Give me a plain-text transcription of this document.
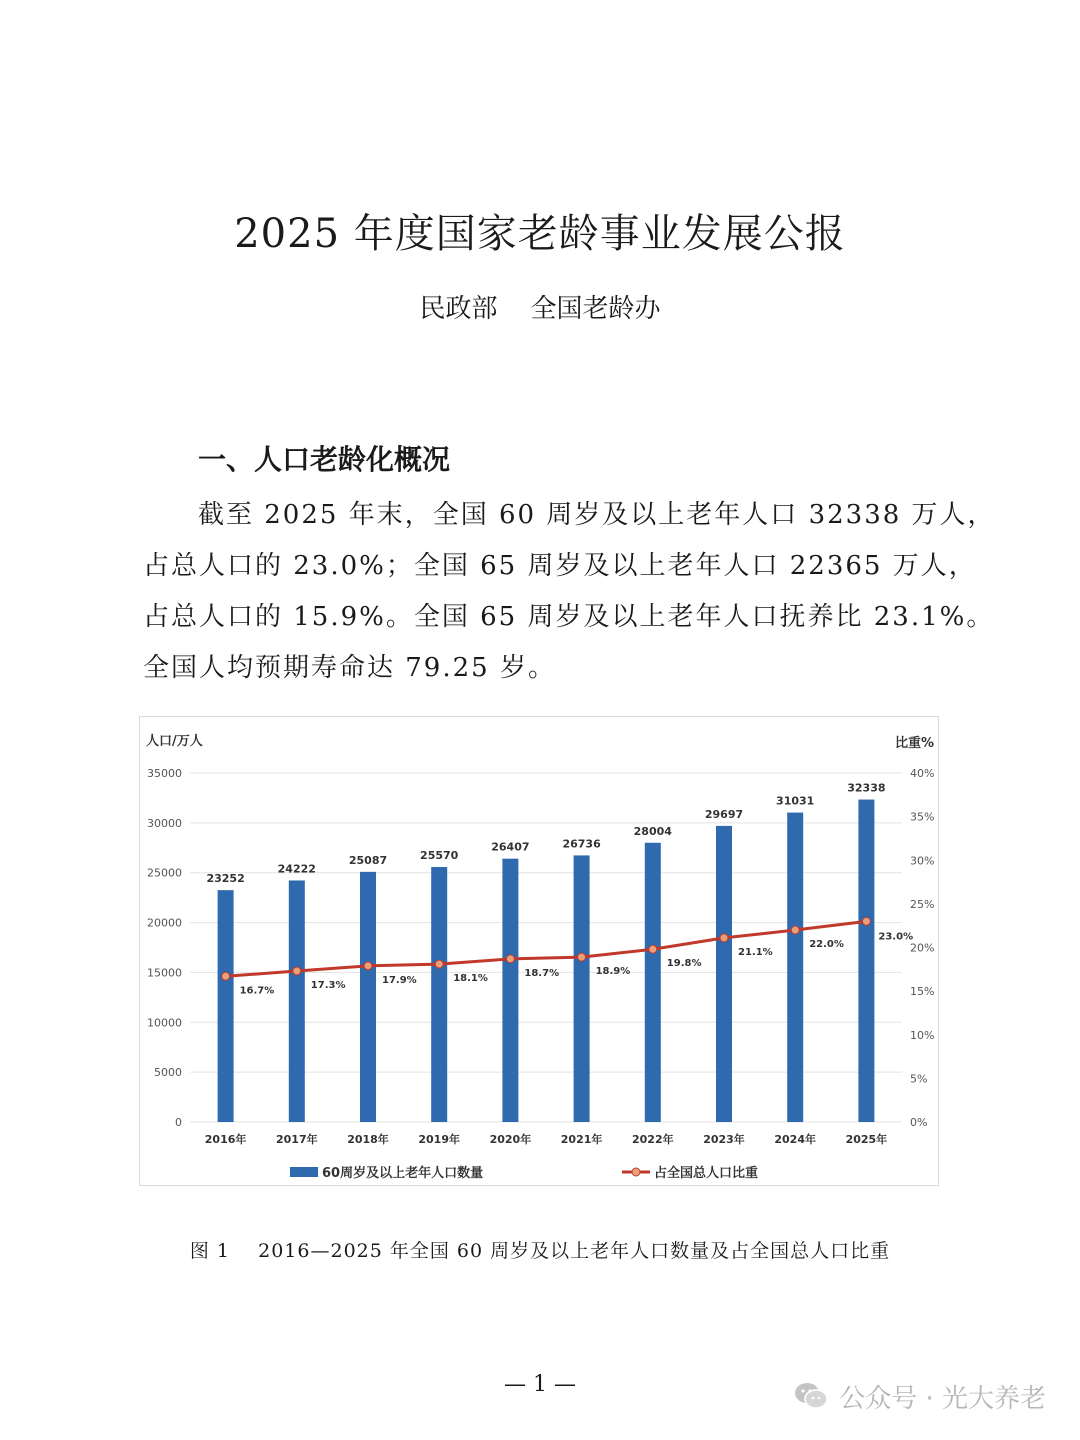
2025 年度国家老龄事业发展公报
民政部    全国老龄办
一、人口老龄化概况
截至 2025 年末，全国 60 周岁及以上老年人口 32338 万人，
占总人口的 23.0%；全国 65 周岁及以上老年人口 22365 万人，
占总人口的 15.9%。全国 65 周岁及以上老年人口抚养比 23.1%。
全国人均预期寿命达 79.25 岁。
0
5000
10000
15000
20000
25000
30000
35000
0%
5%
10%
15%
20%
25%
30%
35%
40%
2016年	2017年	2018年	2019年	2020年	2021年	2022年	2023年	2024年	2025年
23252
24222
25087	25570
26407	26736
28004
29697
31031
32338
16.7%	17.3%	17.9%	18.1%	18.7%	18.9%
19.8%
21.1%
22.0%
23.0%
人口/万人	比重%
60周岁及以上老年人口数量	占全国总人口比重
图 1    2016—2025 年全国 60 周岁及以上老年人口数量及占全国总人口比重
— 1 —	公众号 · 光大养老
